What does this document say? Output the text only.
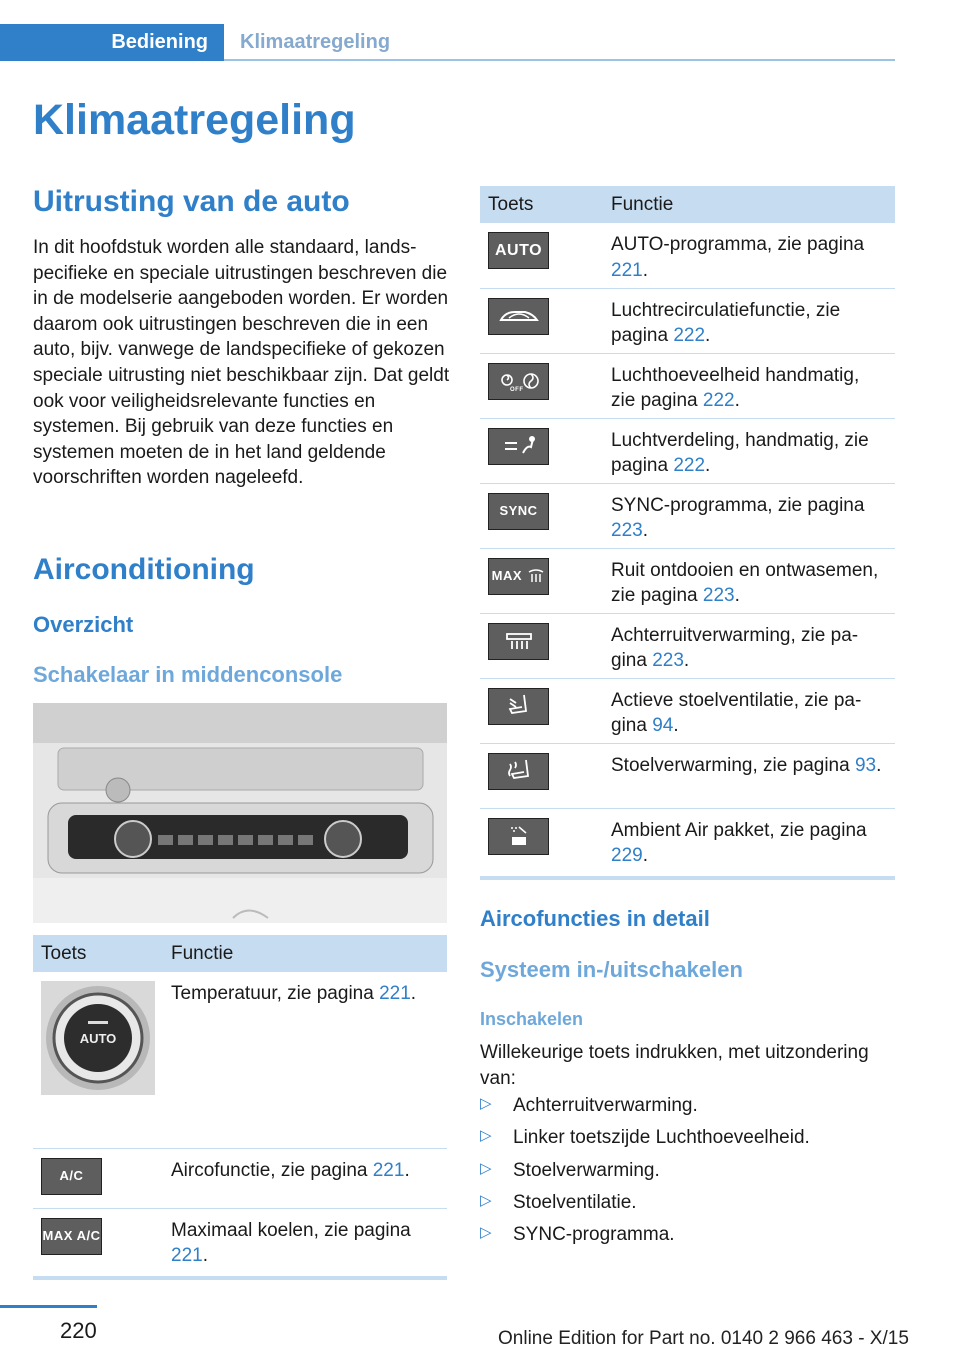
Bediening	Klimaatregeling
Klimaatregeling
Uitrusting van de auto
In dit hoofdstuk worden alle standaard, landspecifieke en speciale uitrustingen beschreven die in de modelserie aangeboden worden. Er worden daarom ook uitrustingen beschreven die in een auto, bijv. vanwege de landspecifieke of gekozen speciale uitrusting niet beschikbaar zijn. Dat geldt ook voor veiligheidsrelevante functies en systemen. Bij gebruik van deze functies en systemen moeten de in het land geldende voorschriften worden nageleefd.
Airconditioning
Overzicht
Schakelaar in middenconsole
Toets	Functie

AUTO	Temperatuur, zie pagina 221.

A/C	Aircofunctie, zie pagina 221.

MAX A/C	Maximaal koelen, zie pagina 221.
Toets	Functie

AUTO	AUTO-programma, zie pagina 221.

	Luchtrecirculatiefunctie, zie pagina 222.

OFF	Luchthoeveelheid handmatig, zie pagina 222.

	Luchtverdeling, handmatig, zie pagina 222.

SYNC	SYNC-programma, zie pagina 223.

MAX	Ruit ontdooien en ontwasemen, zie pagina 223.

	Achterruitverwarming, zie pagina 223.

	Actieve stoelventilatie, zie pagina 94.

	Stoelverwarming, zie pagina 93.

	Ambient Air pakket, zie pagina 229.
Aircofuncties in detail
Systeem in-/uitschakelen
Inschakelen
Willekeurige toets indrukken, met uitzondering van:
▷ Achterruitverwarming.
▷ Linker toetszijde Luchthoeveelheid.
▷ Stoelverwarming.
▷ Stoelventilatie.
▷ SYNC-programma.
220	Online Edition for Part no. 0140 2 966 463 - X/15
